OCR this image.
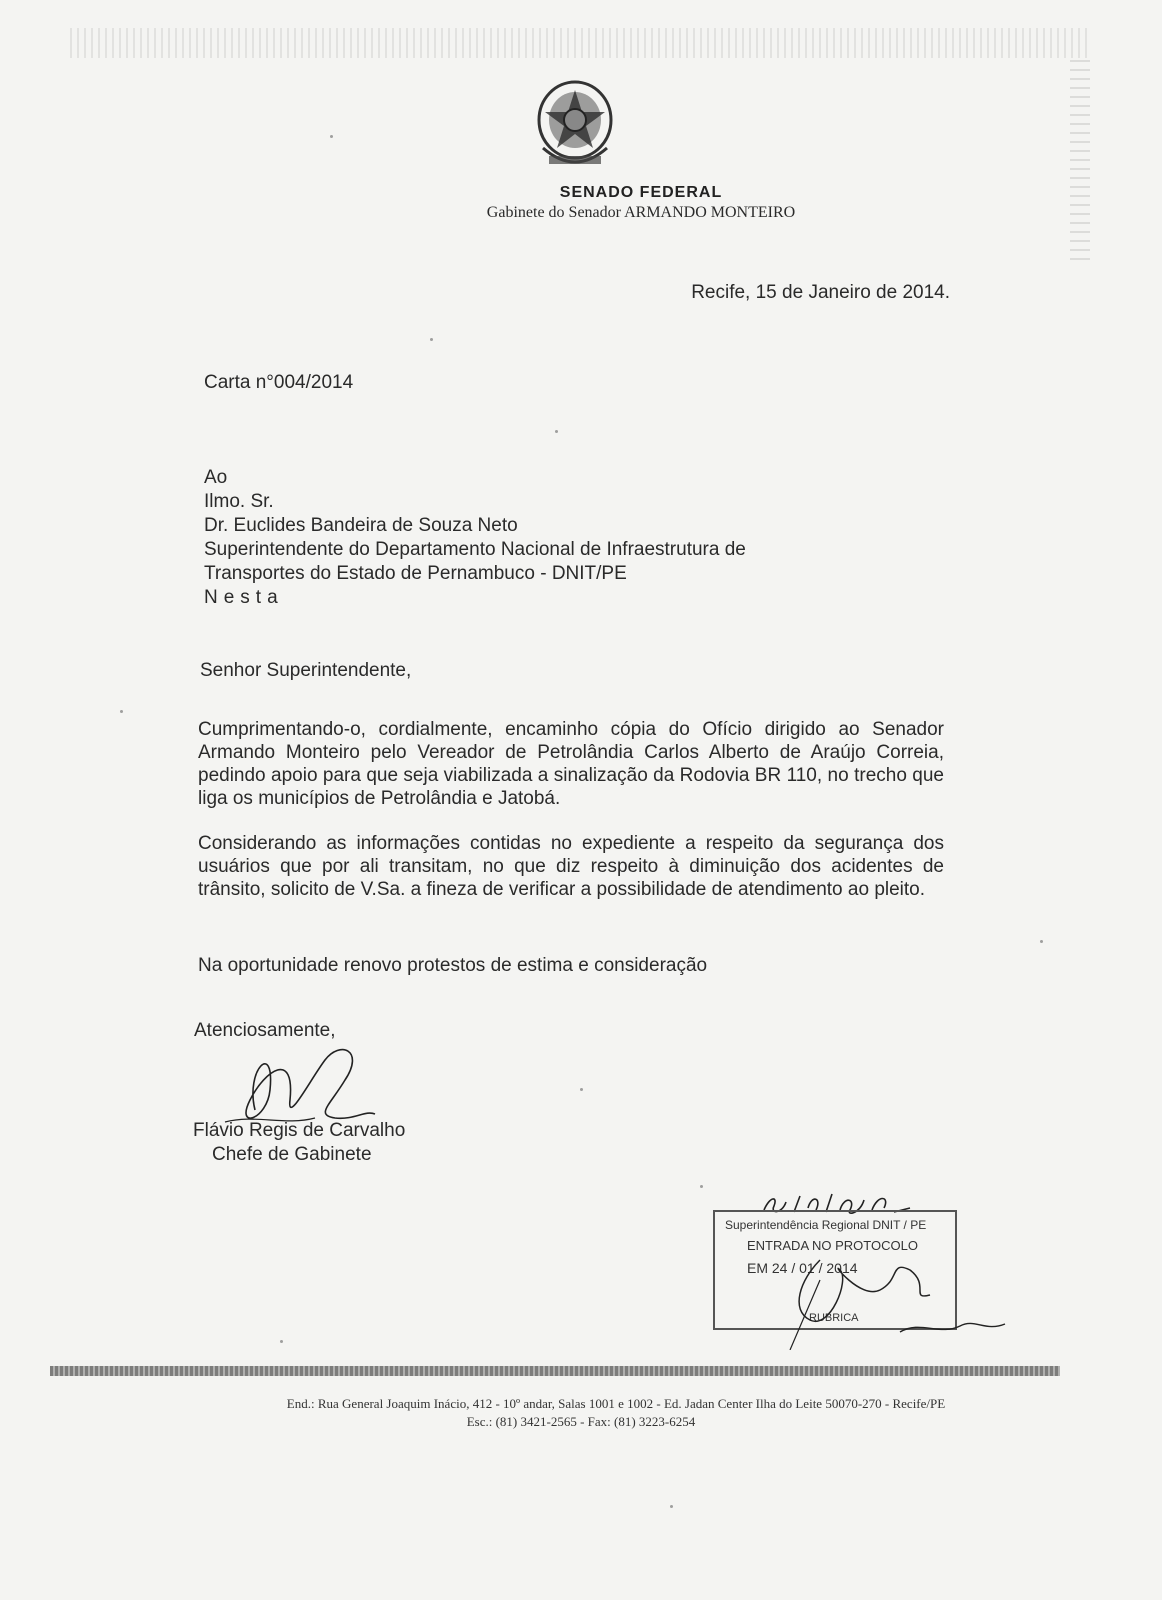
SENADO FEDERAL
Gabinete do Senador ARMANDO MONTEIRO
Recife, 15 de Janeiro de 2014.
Carta n°004/2014
Ao
Ilmo. Sr.
Dr. Euclides Bandeira de Souza Neto
Superintendente do Departamento Nacional de Infraestrutura de
Transportes do Estado de Pernambuco - DNIT/PE
Nesta
Senhor Superintendente,
Cumprimentando-o, cordialmente, encaminho cópia do Ofício dirigido ao Senador Armando Monteiro pelo Vereador de Petrolândia Carlos Alberto de Araújo Correia, pedindo apoio para que seja viabilizada a sinalização da Rodovia BR 110, no trecho que liga os municípios de Petrolândia e Jatobá.
Considerando as informações contidas no expediente a respeito da segurança dos usuários que por ali transitam, no que diz respeito à diminuição dos acidentes de trânsito, solicito de V.Sa. a fineza de verificar a possibilidade de atendimento ao pleito.
Na oportunidade renovo protestos de estima e consideração
Atenciosamente,
Flávio Regis de Carvalho
Chefe de Gabinete
Superintendência Regional DNIT / PE
ENTRADA NO PROTOCOLO
EM 24 / 01 / 2014
RUBRICA
End.: Rua General Joaquim Inácio, 412 - 10º andar, Salas 1001 e 1002 - Ed. Jadan Center Ilha do Leite 50070-270 - Recife/PE
Esc.: (81) 3421-2565 - Fax: (81) 3223-6254
